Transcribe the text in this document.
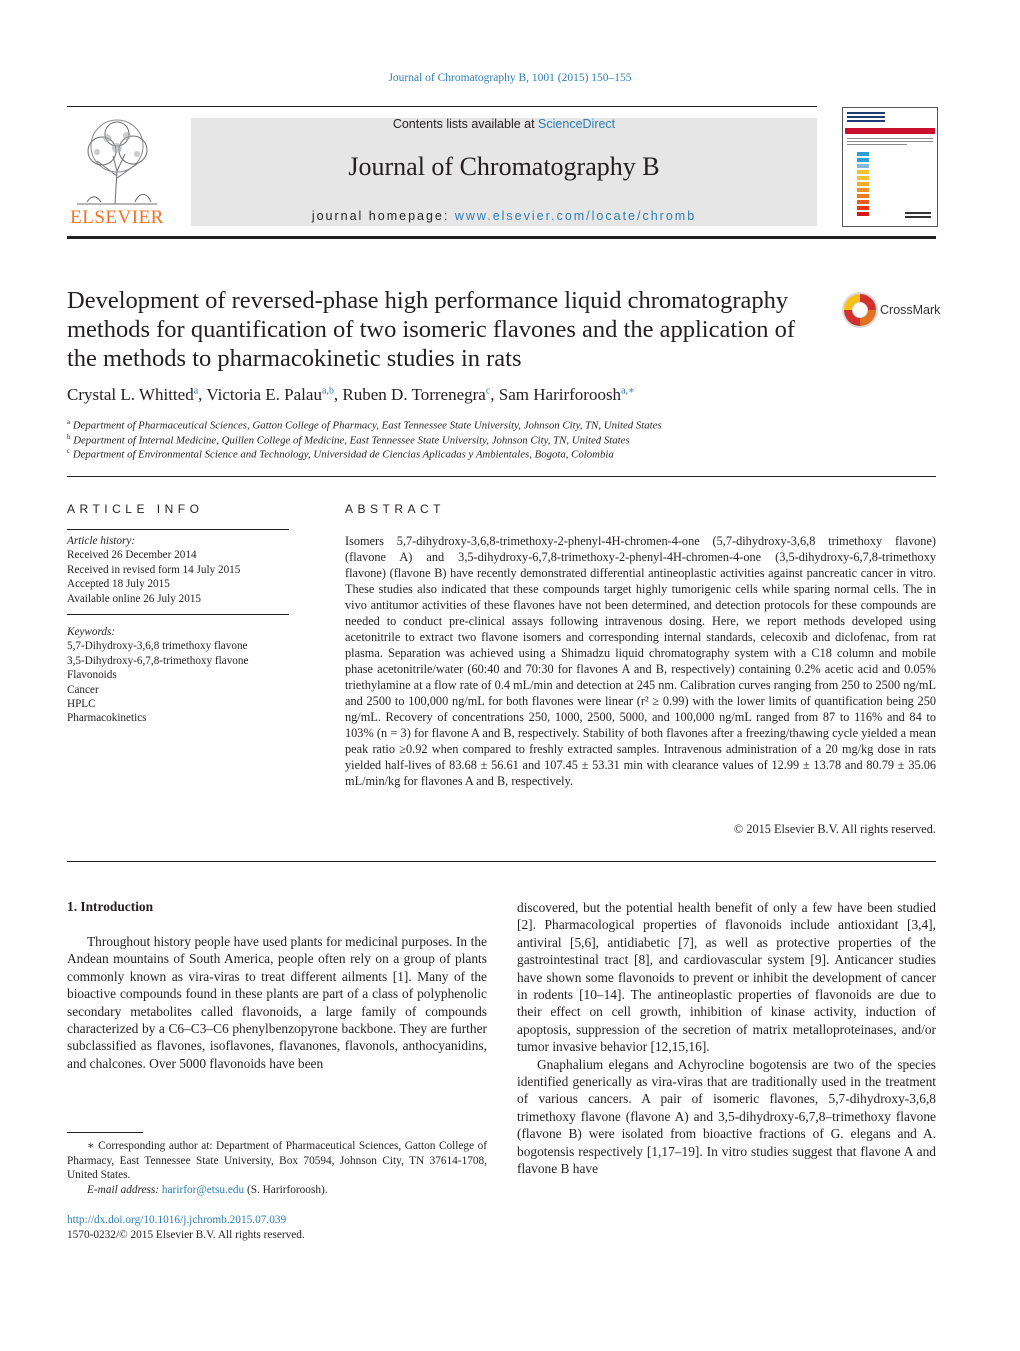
Journal of Chromatography B, 1001 (2015) 150–155
ELSEVIER
Contents lists available at ScienceDirect
Journal of Chromatography B
journal homepage: www.elsevier.com/locate/chromb
Development of reversed-phase high performance liquid chromatography methods for quantification of two isomeric flavones and the application of the methods to pharmacokinetic studies in rats
CrossMark
Crystal L. Whitted$^a$, Victoria E. Palau$^{a,b}$, Ruben D. Torrenegra$^c$, Sam Harirforoosh$^{a,∗}$
$^a$ Department of Pharmaceutical Sciences, Gatton College of Pharmacy, East Tennessee State University, Johnson City, TN, United States
$^b$ Department of Internal Medicine, Quillen College of Medicine, East Tennessee State University, Johnson City, TN, United States
$^c$ Department of Environmental Science and Technology, Universidad de Ciencias Aplicadas y Ambientales, Bogota, Colombia
ARTICLE INFO
Article history:
Received 26 December 2014
Received in revised form 14 July 2015
Accepted 18 July 2015
Available online 26 July 2015
Keywords:
5,7-Dihydroxy-3,6,8 trimethoxy flavone
3,5-Dihydroxy-6,7,8-trimethoxy flavone
Flavonoids
Cancer
HPLC
Pharmacokinetics
ABSTRACT
Isomers 5,7-dihydroxy-3,6,8-trimethoxy-2-phenyl-4H-chromen-4-one (5,7-dihydroxy-3,6,8 trimethoxy flavone) (flavone A) and 3,5-dihydroxy-6,7,8-trimethoxy-2-phenyl-4H-chromen-4-one (3,5-dihydroxy-6,7,8-trimethoxy flavone) (flavone B) have recently demonstrated differential antineoplastic activities against pancreatic cancer in vitro. These studies also indicated that these compounds target highly tumorigenic cells while sparing normal cells. The in vivo antitumor activities of these flavones have not been determined, and detection protocols for these compounds are needed to conduct pre-clinical assays following intravenous dosing. Here, we report methods developed using acetonitrile to extract two flavone isomers and corresponding internal standards, celecoxib and diclofenac, from rat plasma. Separation was achieved using a Shimadzu liquid chromatography system with a C18 column and mobile phase acetonitrile/water (60:40 and 70:30 for flavones A and B, respectively) containing 0.2% acetic acid and 0.05% triethylamine at a flow rate of 0.4 mL/min and detection at 245 nm. Calibration curves ranging from 250 to 2500 ng/mL and 2500 to 100,000 ng/mL for both flavones were linear (r² ≥ 0.99) with the lower limits of quantification being 250 ng/mL. Recovery of concentrations 250, 1000, 2500, 5000, and 100,000 ng/mL ranged from 87 to 116% and 84 to 103% (n = 3) for flavone A and B, respectively. Stability of both flavones after a freezing/thawing cycle yielded a mean peak ratio ≥0.92 when compared to freshly extracted samples. Intravenous administration of a 20 mg/kg dose in rats yielded half-lives of 83.68 ± 56.61 and 107.45 ± 53.31 min with clearance values of 12.99 ± 13.78 and 80.79 ± 35.06 mL/min/kg for flavones A and B, respectively.
© 2015 Elsevier B.V. All rights reserved.
1. Introduction

Throughout history people have used plants for medicinal purposes. In the Andean mountains of South America, people often rely on a group of plants commonly known as vira-viras to treat different ailments [1]. Many of the bioactive compounds found in these plants are part of a class of polyphenolic secondary metabolites called flavonoids, a large family of compounds characterized by a C6–C3–C6 phenylbenzopyrone backbone. They are further subclassified as flavones, isoflavones, flavanones, flavonols, anthocyanidins, and chalcones. Over 5000 flavonoids have been

discovered, but the potential health benefit of only a few have been studied [2]. Pharmacological properties of flavonoids include antioxidant [3,4], antiviral [5,6], antidiabetic [7], as well as protective properties of the gastrointestinal tract [8], and cardiovascular system [9]. Anticancer studies have shown some flavonoids to prevent or inhibit the development of cancer in rodents [10–14]. The antineoplastic properties of flavonoids are due to their effect on cell growth, inhibition of kinase activity, induction of apoptosis, suppression of the secretion of matrix metalloproteinases, and/or tumor invasive behavior [12,15,16].

Gnaphalium elegans and Achyrocline bogotensis are two of the species identified generically as vira-viras that are traditionally used in the treatment of various cancers. A pair of isomeric flavones, 5,7-dihydroxy-3,6,8 trimethoxy flavone (flavone A) and 3,5-dihydroxy-6,7,8–trimethoxy flavone (flavone B) were isolated from bioactive fractions of G. elegans and A. bogotensis respectively [1,17–19]. In vitro studies suggest that flavone A and flavone B have

∗ Corresponding author at: Department of Pharmaceutical Sciences, Gatton College of Pharmacy, East Tennessee State University, Box 70594, Johnson City, TN 37614-1708, United States.
E-mail address: harirfor@etsu.edu (S. Harirforoosh).
http://dx.doi.org/10.1016/j.jchromb.2015.07.039
1570-0232/© 2015 Elsevier B.V. All rights reserved.
